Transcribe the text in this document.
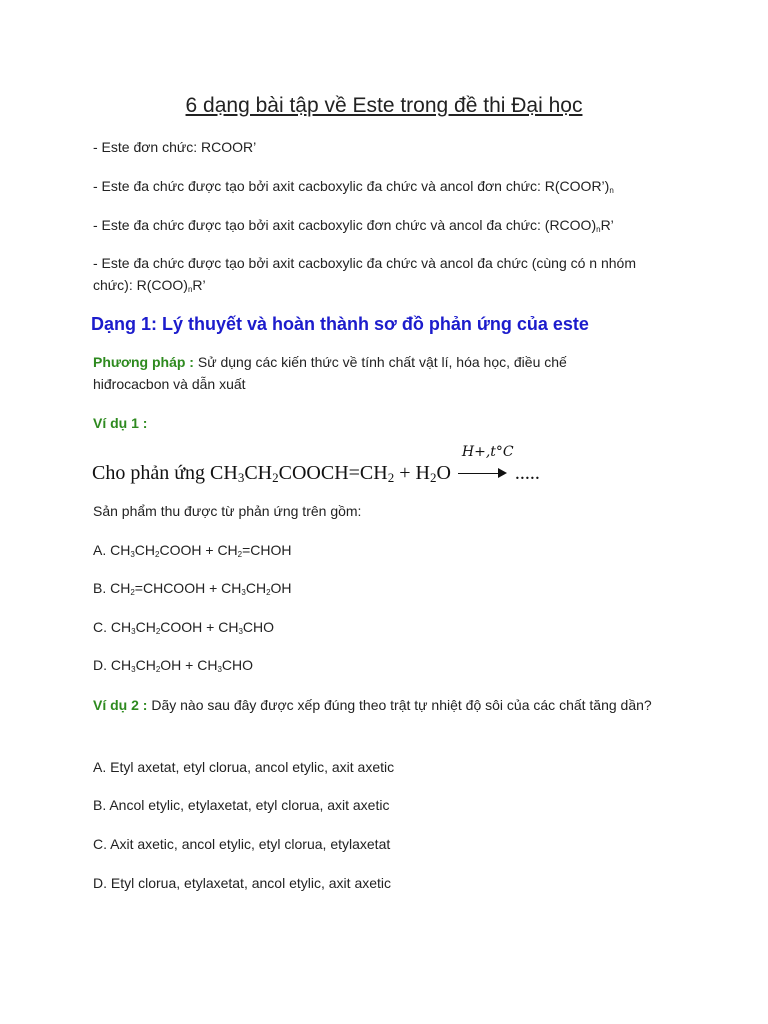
6 dạng bài tập về Este trong đề thi Đại học
- Este đơn chức: RCOOR’
- Este đa chức được tạo bởi axit cacboxylic đa chức và ancol đơn chức: $R(COOR’)_n$
- Este đa chức được tạo bởi axit cacboxylic đơn chức và ancol đa chức: $(RCOO)_nR$’
- Este đa chức được tạo bởi axit cacboxylic đa chức và ancol đa chức (cùng có n nhóm chức): $R(COO)_nR$’
Dạng 1: Lý thuyết và hoàn thành sơ đồ phản ứng của este
Phương pháp : Sử dụng các kiến thức về tính chất vật lí, hóa học, điều chế hiđrocacbon và dẫn xuất
Ví dụ 1 :
Cho phản ứng CH3CH2COOCH=CH2 + H2O
H+,t°C
.....
Sản phẩm thu được từ phản ứng trên gồm:
A. $CH_3CH_2COOH$ + $CH_2=CHOH$
B. $CH_2=CHCOOH + CH_3CH_2OH$
C. $CH_3CH_2COOH + CH_3CHO$
D. $CH_3CH_2OH + CH_3CHO$
Ví dụ 2 : Dãy nào sau đây được xếp đúng theo trật tự nhiệt độ sôi của các chất tăng dần?
A. Etyl axetat, etyl clorua, ancol etylic, axit axetic
B. Ancol etylic, etylaxetat, etyl clorua, axit axetic
C. Axit axetic, ancol etylic, etyl clorua, etylaxetat
D. Etyl clorua, etylaxetat, ancol etylic, axit axetic
